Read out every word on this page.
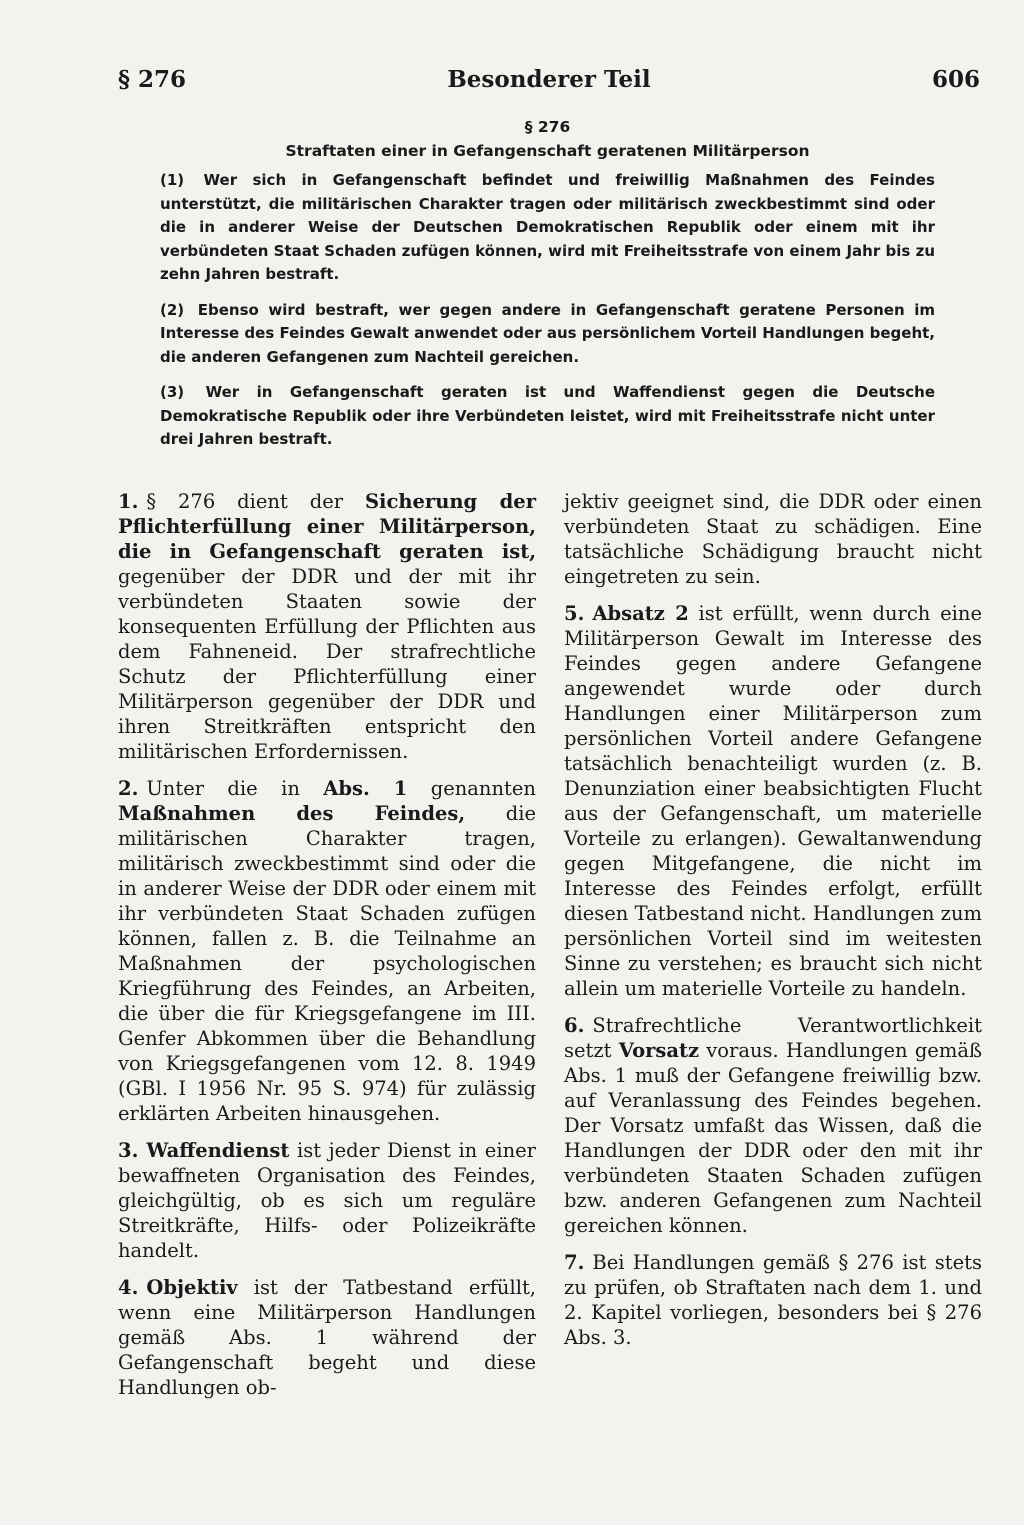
§ 276	Besonderer Teil	606
§ 276
Straftaten einer in Gefangenschaft geratenen Militärperson

(1) Wer sich in Gefangenschaft befindet und freiwillig Maßnahmen des Feindes unterstützt, die militärischen Charakter tragen oder militärisch zweckbestimmt sind oder die in anderer Weise der Deutschen Demokratischen Republik oder einem mit ihr verbündeten Staat Schaden zufügen können, wird mit Freiheitsstrafe von einem Jahr bis zu zehn Jahren bestraft.

(2) Ebenso wird bestraft, wer gegen andere in Gefangenschaft geratene Personen im Interesse des Feindes Gewalt anwendet oder aus persönlichem Vorteil Handlungen begeht, die anderen Gefangenen zum Nachteil gereichen.

(3) Wer in Gefangenschaft geraten ist und Waffendienst gegen die Deutsche Demokratische Republik oder ihre Verbündeten leistet, wird mit Freiheitsstrafe nicht unter drei Jahren bestraft.

1. § 276 dient der Sicherung der Pflichterfüllung einer Militärperson, die in Gefangenschaft geraten ist, gegenüber der DDR und der mit ihr verbündeten Staaten sowie der konsequenten Erfüllung der Pflichten aus dem Fahneneid. Der strafrechtliche Schutz der Pflichterfüllung einer Militärperson gegenüber der DDR und ihren Streitkräften entspricht den militärischen Erfordernissen.

2. Unter die in Abs. 1 genannten Maßnahmen des Feindes, die militärischen Charakter tragen, militärisch zweckbestimmt sind oder die in anderer Weise der DDR oder einem mit ihr verbündeten Staat Schaden zufügen können, fallen z. B. die Teilnahme an Maßnahmen der psychologischen Kriegführung des Feindes, an Arbeiten, die über die für Kriegsgefangene im III. Genfer Abkommen über die Behandlung von Kriegsgefangenen vom 12. 8. 1949 (GBl. I 1956 Nr. 95 S. 974) für zulässig erklärten Arbeiten hinausgehen.

3. Waffendienst ist jeder Dienst in einer bewaffneten Organisation des Feindes, gleichgültig, ob es sich um reguläre Streitkräfte, Hilfs- oder Polizeikräfte handelt.

4. Objektiv ist der Tatbestand erfüllt, wenn eine Militärperson Handlungen gemäß Abs. 1 während der Gefangenschaft begeht und diese Handlungen ob-

jektiv geeignet sind, die DDR oder einen verbündeten Staat zu schädigen. Eine tatsächliche Schädigung braucht nicht eingetreten zu sein.

5. Absatz 2 ist erfüllt, wenn durch eine Militärperson Gewalt im Interesse des Feindes gegen andere Gefangene angewendet wurde oder durch Handlungen einer Militärperson zum persönlichen Vorteil andere Gefangene tatsächlich benachteiligt wurden (z. B. Denunziation einer beabsichtigten Flucht aus der Gefangenschaft, um materielle Vorteile zu erlangen). Gewaltanwendung gegen Mitgefangene, die nicht im Interesse des Feindes erfolgt, erfüllt diesen Tatbestand nicht. Handlungen zum persönlichen Vorteil sind im weitesten Sinne zu verstehen; es braucht sich nicht allein um materielle Vorteile zu handeln.

6. Strafrechtliche Verantwortlichkeit setzt Vorsatz voraus. Handlungen gemäß Abs. 1 muß der Gefangene freiwillig bzw. auf Veranlassung des Feindes begehen. Der Vorsatz umfaßt das Wissen, daß die Handlungen der DDR oder den mit ihr verbündeten Staaten Schaden zufügen bzw. anderen Gefangenen zum Nachteil gereichen können.

7. Bei Handlungen gemäß § 276 ist stets zu prüfen, ob Straftaten nach dem 1. und 2. Kapitel vorliegen, besonders bei § 276 Abs. 3.
